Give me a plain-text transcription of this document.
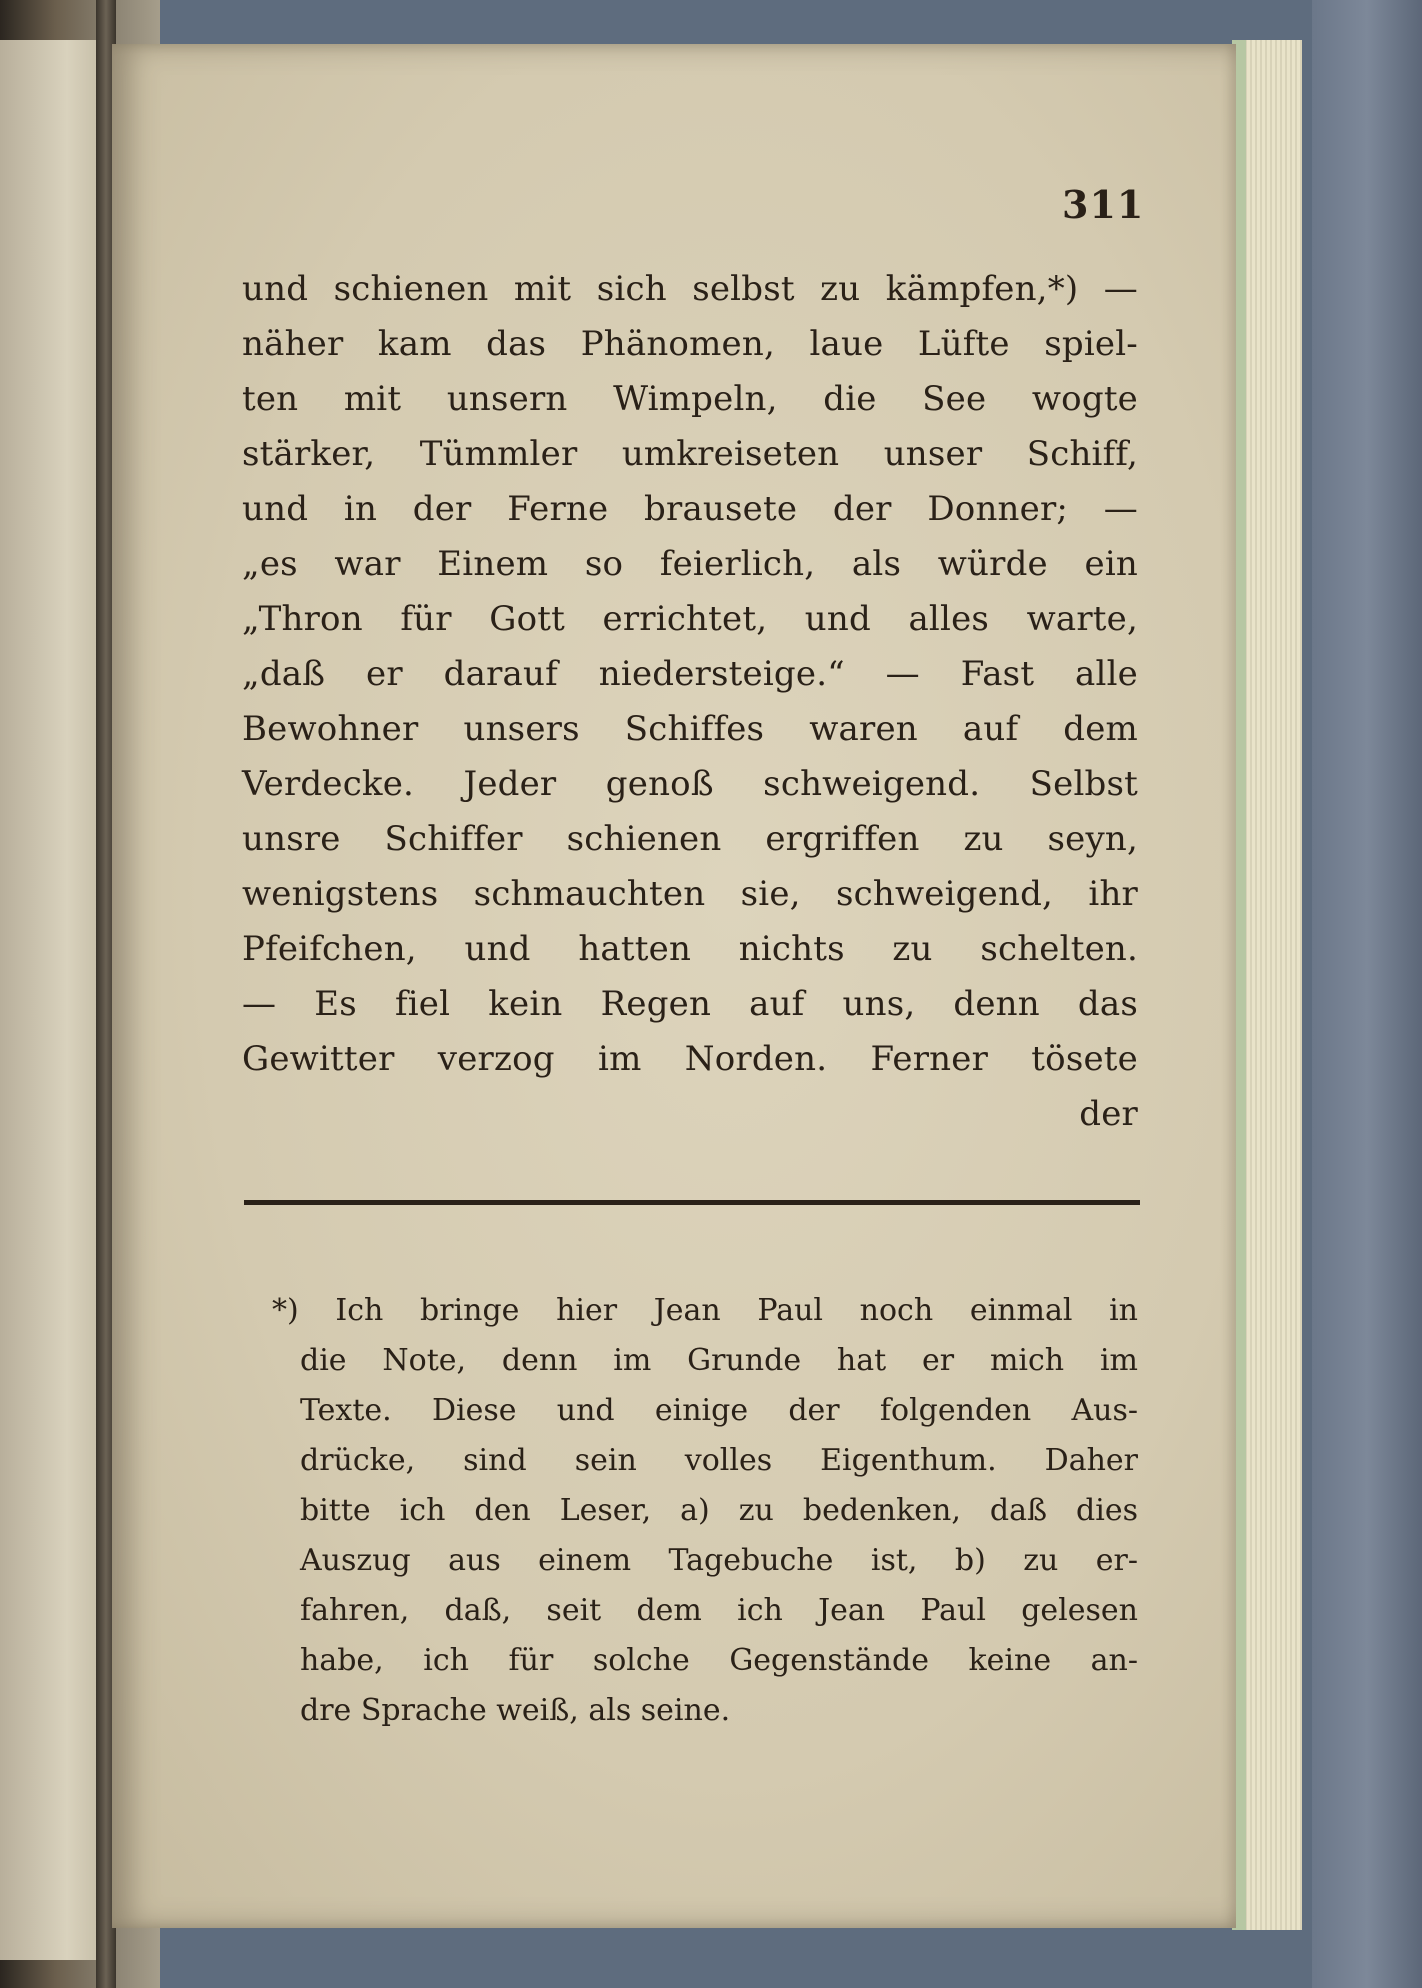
311
und schienen mit sich selbst zu kämpfen,*) —
näher kam das Phänomen, laue Lüfte spiel-
ten mit unsern Wimpeln, die See wogte
stärker, Tümmler umkreiseten unser Schiff,
und in der Ferne brausete der Donner; —
„es war Einem so feierlich, als würde ein
„Thron für Gott errichtet, und alles warte,
„daß er darauf niedersteige.“ — Fast alle
Bewohner unsers Schiffes waren auf dem
Verdecke. Jeder genoß schweigend. Selbst
unsre Schiffer schienen ergriffen zu seyn,
wenigstens schmauchten sie, schweigend, ihr
Pfeifchen, und hatten nichts zu schelten.
— Es fiel kein Regen auf uns, denn das
Gewitter verzog im Norden. Ferner tösete
der
*) Ich bringe hier Jean Paul noch einmal in
die Note, denn im Grunde hat er mich im
Texte. Diese und einige der folgenden Aus-
drücke, sind sein volles Eigenthum. Daher
bitte ich den Leser, a) zu bedenken, daß dies
Auszug aus einem Tagebuche ist, b) zu er-
fahren, daß, seit dem ich Jean Paul gelesen
habe, ich für solche Gegenstände keine an-
dre Sprache weiß, als seine.
